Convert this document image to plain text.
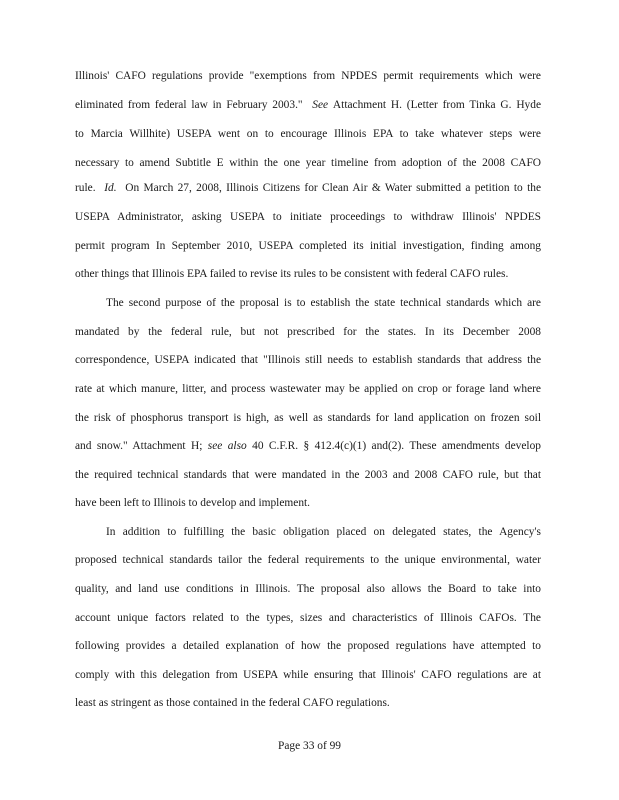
Illinois' CAFO regulations provide "exemptions from NPDES permit requirements which were
eliminated from federal law in February 2003." See Attachment H. (Letter from Tinka G. Hyde
to Marcia Willhite) USEPA went on to encourage Illinois EPA to take whatever steps were
necessary to amend Subtitle E within the one year timeline from adoption of the 2008 CAFO
rule. Id. On March 27, 2008, Illinois Citizens for Clean Air & Water submitted a petition to the
USEPA Administrator, asking USEPA to initiate proceedings to withdraw Illinois' NPDES
permit program In September 2010, USEPA completed its initial investigation, finding among
other things that Illinois EPA failed to revise its rules to be consistent with federal CAFO rules.
The second purpose of the proposal is to establish the state technical standards which are
mandated by the federal rule, but not prescribed for the states. In its December 2008
correspondence, USEPA indicated that "Illinois still needs to establish standards that address the
rate at which manure, litter, and process wastewater may be applied on crop or forage land where
the risk of phosphorus transport is high, as well as standards for land application on frozen soil
and snow." Attachment H; see also 40 C.F.R. § 412.4(c)(1) and(2). These amendments develop
the required technical standards that were mandated in the 2003 and 2008 CAFO rule, but that
have been left to Illinois to develop and implement.
In addition to fulfilling the basic obligation placed on delegated states, the Agency's
proposed technical standards tailor the federal requirements to the unique environmental, water
quality, and land use conditions in Illinois. The proposal also allows the Board to take into
account unique factors related to the types, sizes and characteristics of Illinois CAFOs. The
following provides a detailed explanation of how the proposed regulations have attempted to
comply with this delegation from USEPA while ensuring that Illinois' CAFO regulations are at
least as stringent as those contained in the federal CAFO regulations.
Page 33 of 99
